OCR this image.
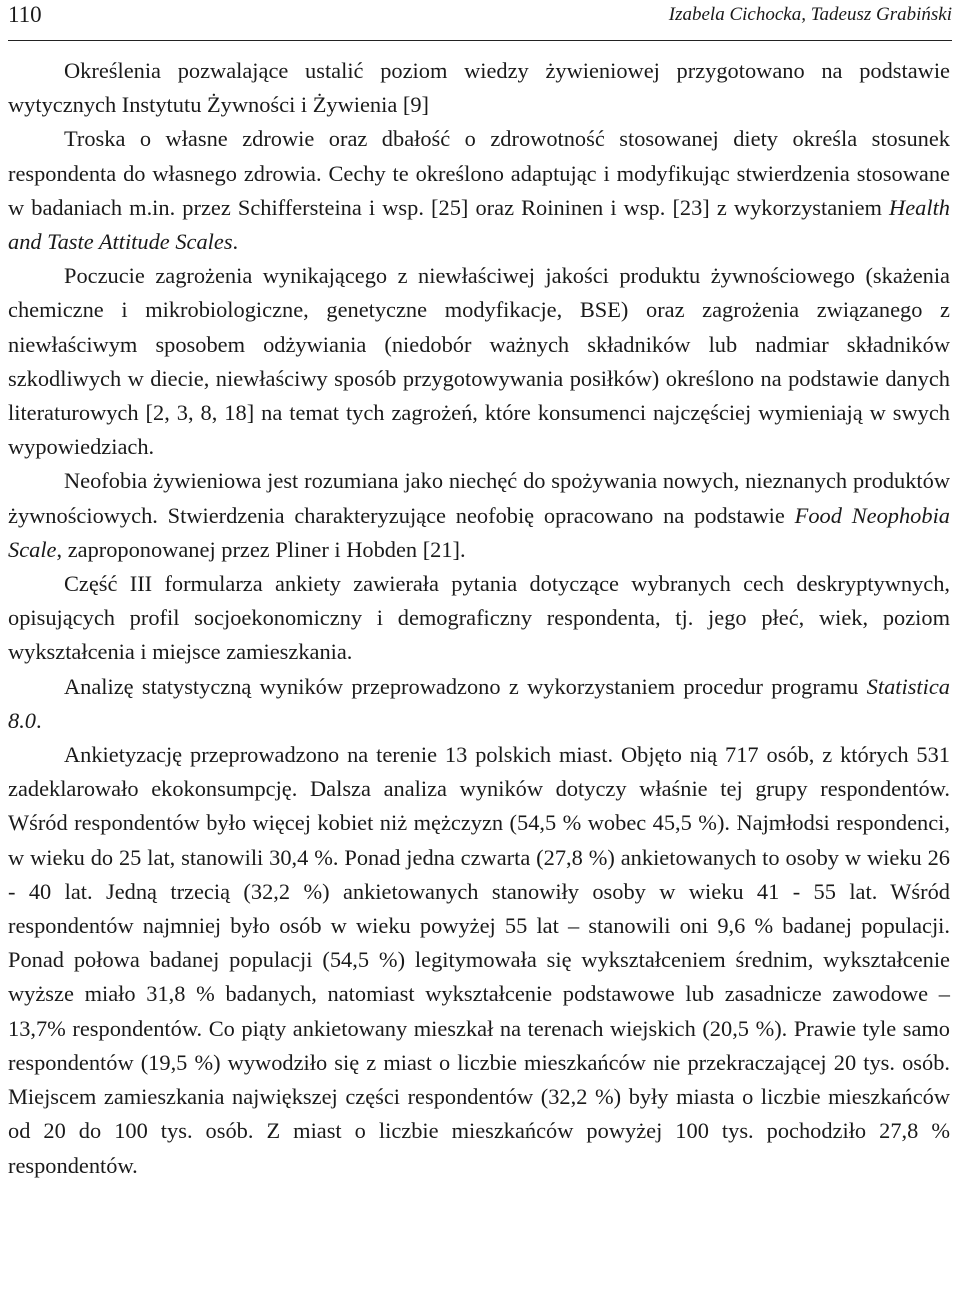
110	Izabela Cichocka, Tadeusz Grabiński

Określenia pozwalające ustalić poziom wiedzy żywieniowej przygotowano na podstawie wytycznych Instytutu Żywności i Żywienia [9]

Troska o własne zdrowie oraz dbałość o zdrowotność stosowanej diety określa stosunek respondenta do własnego zdrowia. Cechy te określono adaptując i modyfikując stwierdzenia stosowane w badaniach m.in. przez Schiffersteina i wsp. [25] oraz Roininen i wsp. [23] z wykorzystaniem Health and Taste Attitude Scales.

Poczucie zagrożenia wynikającego z niewłaściwej jakości produktu żywnościowego (skażenia chemiczne i mikrobiologiczne, genetyczne modyfikacje, BSE) oraz zagrożenia związanego z niewłaściwym sposobem odżywiania (niedobór ważnych składników lub nadmiar składników szkodliwych w diecie, niewłaściwy sposób przygotowywania posiłków) określono na podstawie danych literaturowych [2, 3, 8, 18] na temat tych zagrożeń, które konsumenci najczęściej wymieniają w swych wypowiedziach.

Neofobia żywieniowa jest rozumiana jako niechęć do spożywania nowych, nieznanych produktów żywnościowych. Stwierdzenia charakteryzujące neofobię opracowano na podstawie Food Neophobia Scale, zaproponowanej przez Pliner i Hobden [21].

Część III formularza ankiety zawierała pytania dotyczące wybranych cech deskryptywnych, opisujących profil socjoekonomiczny i demograficzny respondenta, tj. jego płeć, wiek, poziom wykształcenia i miejsce zamieszkania.

Analizę statystyczną wyników przeprowadzono z wykorzystaniem procedur programu Statistica 8.0.

Ankietyzację przeprowadzono na terenie 13 polskich miast. Objęto nią 717 osób, z których 531 zadeklarowało ekokonsumpcję. Dalsza analiza wyników dotyczy właśnie tej grupy respondentów. Wśród respondentów było więcej kobiet niż mężczyzn (54,5 % wobec 45,5 %). Najmłodsi respondenci, w wieku do 25 lat, stanowili 30,4 %. Ponad jedna czwarta (27,8 %) ankietowanych to osoby w wieku 26 - 40 lat. Jedną trzecią (32,2 %) ankietowanych stanowiły osoby w wieku 41 - 55 lat. Wśród respondentów najmniej było osób w wieku powyżej 55 lat – stanowili oni 9,6 % badanej populacji. Ponad połowa badanej populacji (54,5 %) legitymowała się wykształceniem średnim, wykształcenie wyższe miało 31,8 % badanych, natomiast wykształcenie podstawowe lub zasadnicze zawodowe – 13,7% respondentów. Co piąty ankietowany mieszkał na terenach wiejskich (20,5 %). Prawie tyle samo respondentów (19,5 %) wywodziło się z miast o liczbie mieszkańców nie przekraczającej 20 tys. osób. Miejscem zamieszkania największej części respondentów (32,2 %) były miasta o liczbie mieszkańców od 20 do 100 tys. osób. Z miast o liczbie mieszkańców powyżej 100 tys. pochodziło 27,8 % respondentów.
